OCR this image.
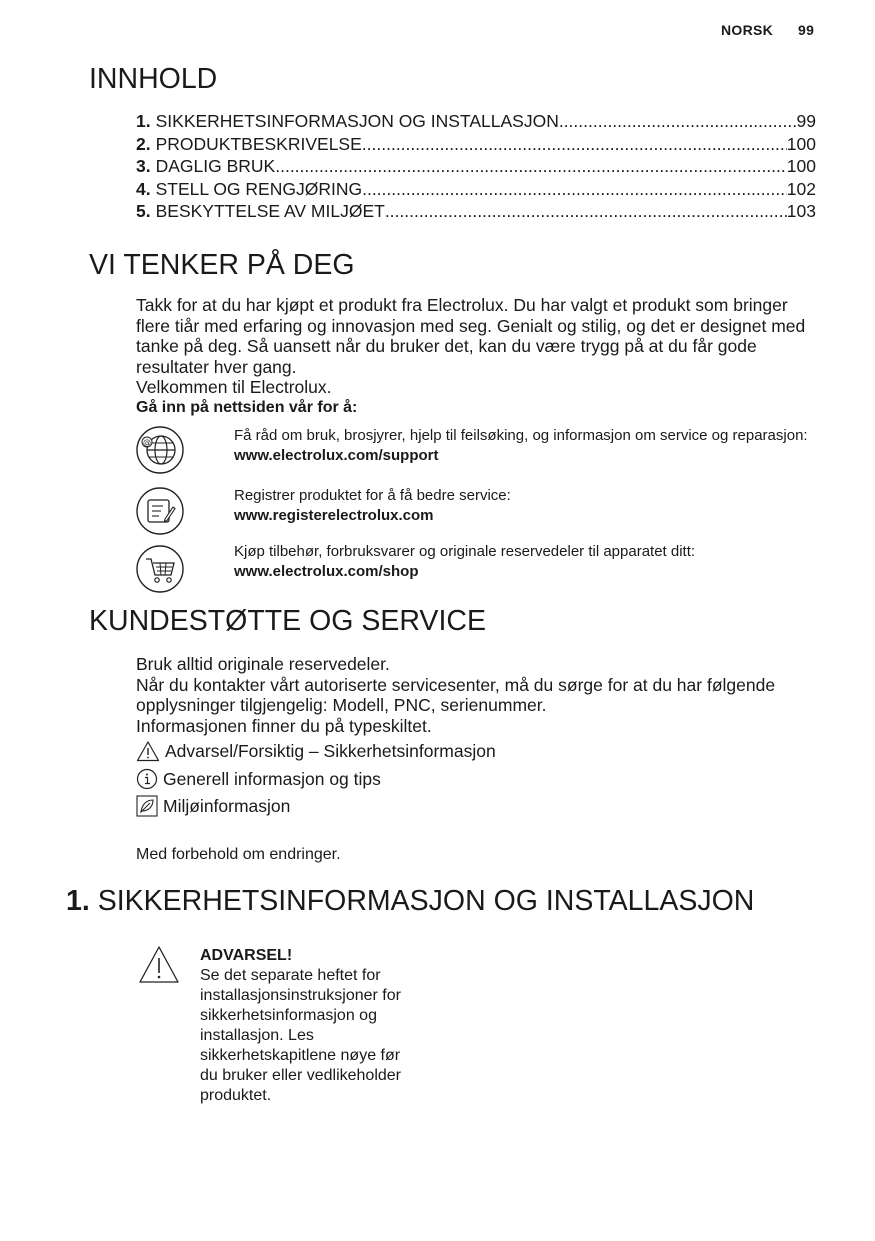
NORSK 99
INNHOLD
1. SIKKERHETSINFORMASJON OG INSTALLASJON .....	99
2. PRODUKTBESKRIVELSE .....	100
3. DAGLIG BRUK .....	100
4. STELL OG RENGJØRING .....	102
5. BESKYTTELSE AV MILJØET .....	103
VI TENKER PÅ DEG

Takk for at du har kjøpt et produkt fra Electrolux. Du har valgt et produkt som bringer flere tiår med erfaring og innovasjon med seg. Genialt og stilig, og det er designet med tanke på deg. Så uansett når du bruker det, kan du være trygg på at du får gode resultater hver gang.

Velkommen til Electrolux.

Gå inn på nettsiden vår for å:

@	Få råd om bruk, brosjyrer, hjelp til feilsøking, og informasjon om service og reparasjon:

www.electrolux.com/support

Registrer produktet for å få bedre service:

www.registerelectrolux.com

Kjøp tilbehør, forbruksvarer og originale reservedeler til apparatet ditt:

www.electrolux.com/shop

KUNDESTØTTE OG SERVICE

Bruk alltid originale reservedeler.

Når du kontakter vårt autoriserte servicesenter, må du sørge for at du har følgende opplysninger tilgjengelig: Modell, PNC, serienummer.

Informasjonen finner du på typeskiltet.

Advarsel/Forsiktig – Sikkerhetsinformasjon
Generell informasjon og tips
Miljøinformasjon
Med forbehold om endringer.
1. SIKKERHETSINFORMASJON OG INSTALLASJON

ADVARSEL!

Se det separate heftet for

installasjonsinstruksjoner for

sikkerhetsinformasjon og

installasjon. Les

sikkerhetskapitlene nøye før

du bruker eller vedlikeholder

produktet.
